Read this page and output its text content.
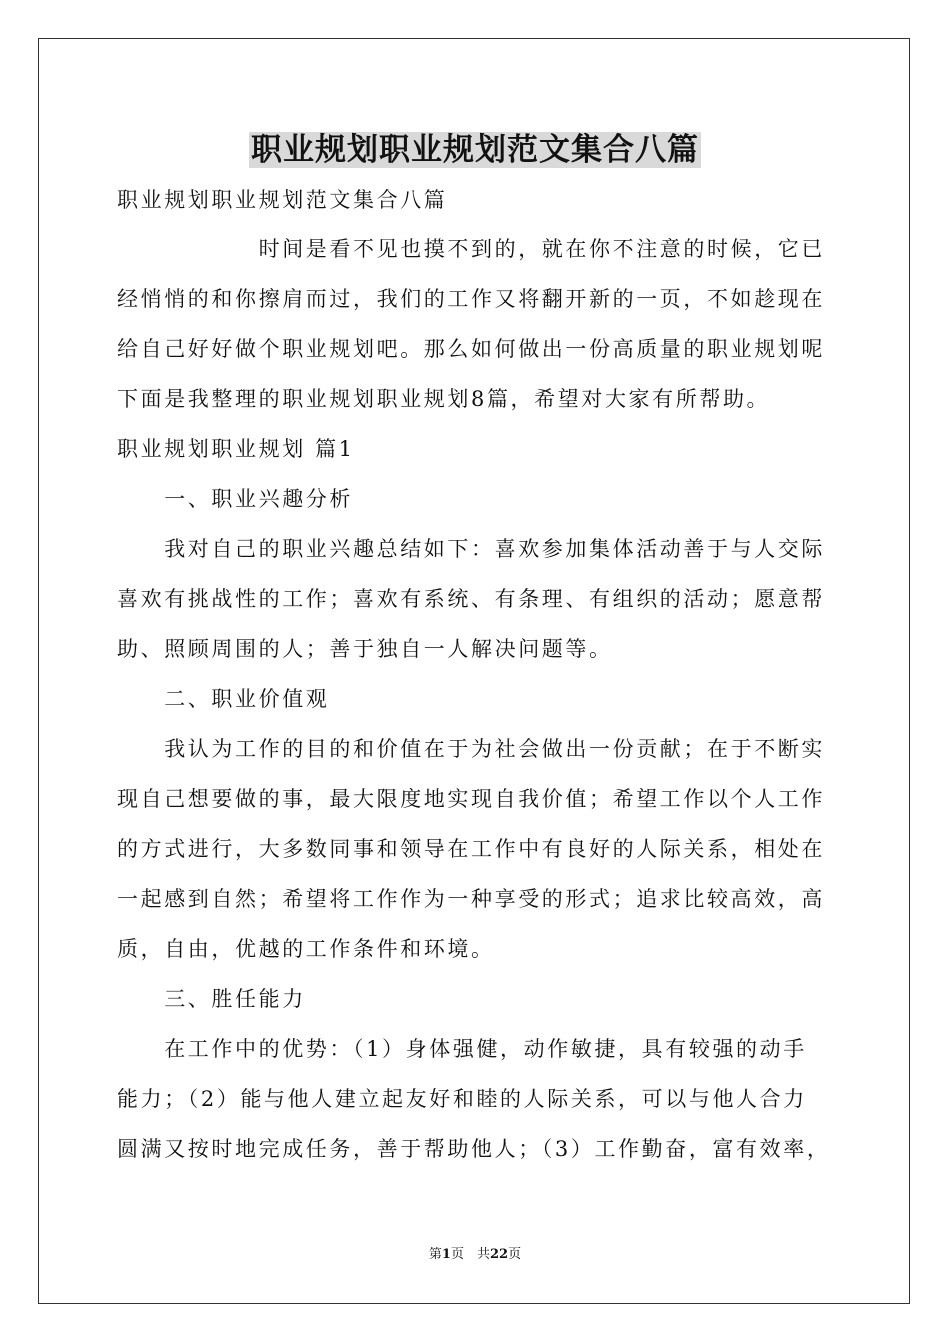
职业规划职业规划范文集合八篇
职业规划职业规划范文集合八篇
　　　　　　时间是看不见也摸不到的，就在你不注意的时候，它已
经悄悄的和你擦肩而过，我们的工作又将翻开新的一页，不如趁现在
给自己好好做个职业规划吧。那么如何做出一份高质量的职业规划呢
下面是我整理的职业规划职业规划8篇，希望对大家有所帮助。
职业规划职业规划 篇1
　　一、职业兴趣分析
　　我对自己的职业兴趣总结如下：喜欢参加集体活动善于与人交际
喜欢有挑战性的工作；喜欢有系统、有条理、有组织的活动；愿意帮
助、照顾周围的人；善于独自一人解决问题等。
　　二、职业价值观
　　我认为工作的目的和价值在于为社会做出一份贡献；在于不断实
现自己想要做的事，最大限度地实现自我价值；希望工作以个人工作
的方式进行，大多数同事和领导在工作中有良好的人际关系，相处在
一起感到自然；希望将工作作为一种享受的形式；追求比较高效，高
质，自由，优越的工作条件和环境。
　　三、胜任能力
　　在工作中的优势：（1）身体强健，动作敏捷，具有较强的动手
能力；（2）能与他人建立起友好和睦的人际关系，可以与他人合力
圆满又按时地完成任务，善于帮助他人；（3）工作勤奋，富有效率，
第1页　共22页
